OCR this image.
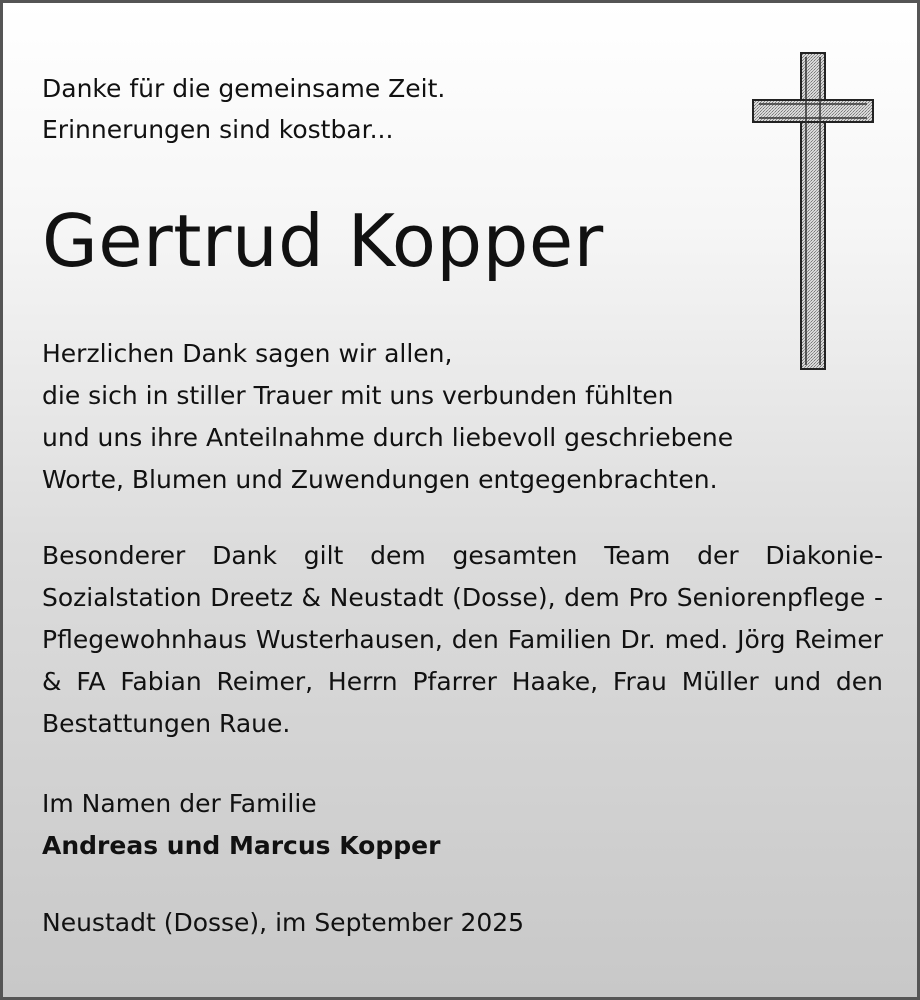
Danke für die gemeinsame Zeit.
Erinnerungen sind kostbar...
Gertrud Kopper
Herzlichen Dank sagen wir allen,
die sich in stiller Trauer mit uns verbunden fühlten
und uns ihre Anteilnahme durch liebevoll geschriebene
Worte, Blumen und Zuwendungen entgegenbrachten.
Besonderer Dank gilt dem gesamten Team der Diakonie-Sozialstation Dreetz & Neustadt (Dosse), dem Pro Seniorenpflege - Pflegewohnhaus Wusterhausen, den Familien Dr. med. Jörg Reimer & FA Fabian Reimer, Herrn Pfarrer Haake, Frau Müller und den Bestattungen Raue.
Im Namen der Familie
Andreas und Marcus Kopper
Neustadt (Dosse), im September 2025
